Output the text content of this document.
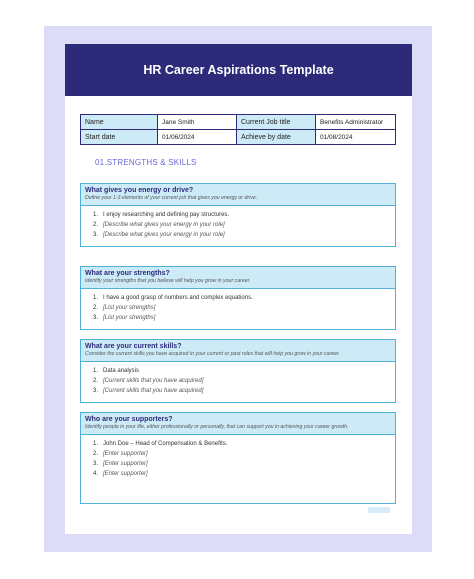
HR Career Aspirations Template
Name	Jane Smith	Current Job title	Benefits Administrator
Start date	01/06/2024	Achieve by date	01/08/2024
01.STRENGTHS & SKILLS
What gives you energy or drive?
Define your 1-3 elements of your current job that gives you energy or drive.
1. I enjoy researching and defining pay structures.
2. [Describe what gives your energy in your role]
3. [Describe what gives your energy in your role]
What are your strengths?
Identify your strengths that you believe will help you grow in your career.
1. I have a good grasp of numbers and complex equations.
2. [List your strengths]
3. [List your strengths]
What are your current skills?
Consider the current skills you have acquired in your current or past roles that will help you grow in your career.
1. Data analysis
2. [Current skills that you have acquired]
3. [Current skills that you have acquired]
Who are your supporters?
Identify people in your life, either professionally or personally, that can support you in achieving your career growth.
1. John Doe – Head of Compensation & Benefits.
2. [Enter supporter]
3. [Enter supporter]
4. [Enter supporter]
